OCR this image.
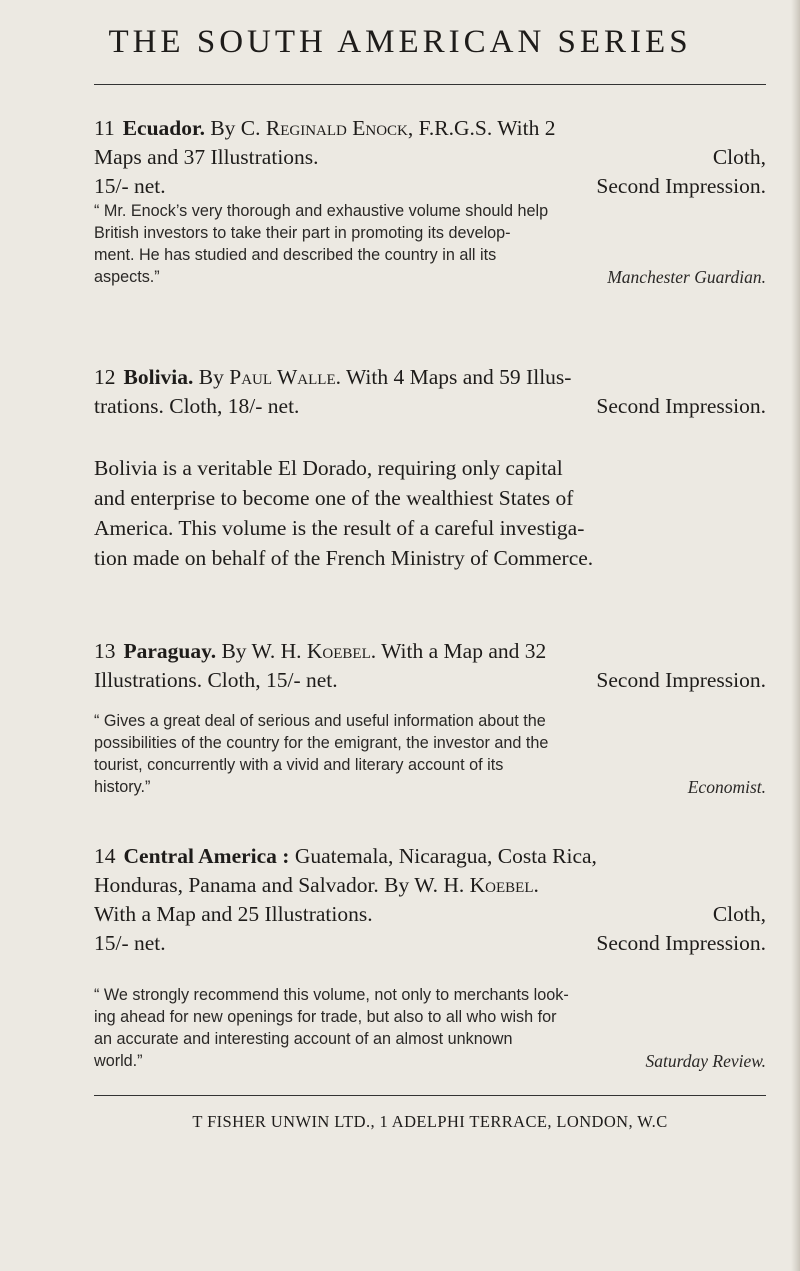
THE SOUTH AMERICAN SERIES
11 Ecuador. By C. Reginald Enock, F.R.G.S. With 2
Maps and 37 Illustrations.	Cloth,
15/- net.	Second Impression.
“ Mr. Enock’s very thorough and exhaustive volume should help
British investors to take their part in promoting its develop-
ment. He has studied and described the country in all its
aspects.”	Manchester Guardian.
12 Bolivia. By Paul Walle. With 4 Maps and 59 Illus-
trations. Cloth, 18/- net.	Second Impression.
Bolivia is a veritable El Dorado, requiring only capital
and enterprise to become one of the wealthiest States of
America. This volume is the result of a careful investiga-
tion made on behalf of the French Ministry of Commerce.
13 Paraguay. By W. H. Koebel. With a Map and 32
Illustrations. Cloth, 15/- net.	Second Impression.
“ Gives a great deal of serious and useful information about the
possibilities of the country for the emigrant, the investor and the
tourist, concurrently with a vivid and literary account of its
history.”	Economist.
14 Central America : Guatemala, Nicaragua, Costa Rica,
Honduras, Panama and Salvador. By W. H. Koebel.
With a Map and 25 Illustrations.	Cloth,
15/- net.	Second Impression.
“ We strongly recommend this volume, not only to merchants look-
ing ahead for new openings for trade, but also to all who wish for
an accurate and interesting account of an almost unknown
world.”	Saturday Review.
T FISHER UNWIN LTD., 1 ADELPHI TERRACE, LONDON, W.C
